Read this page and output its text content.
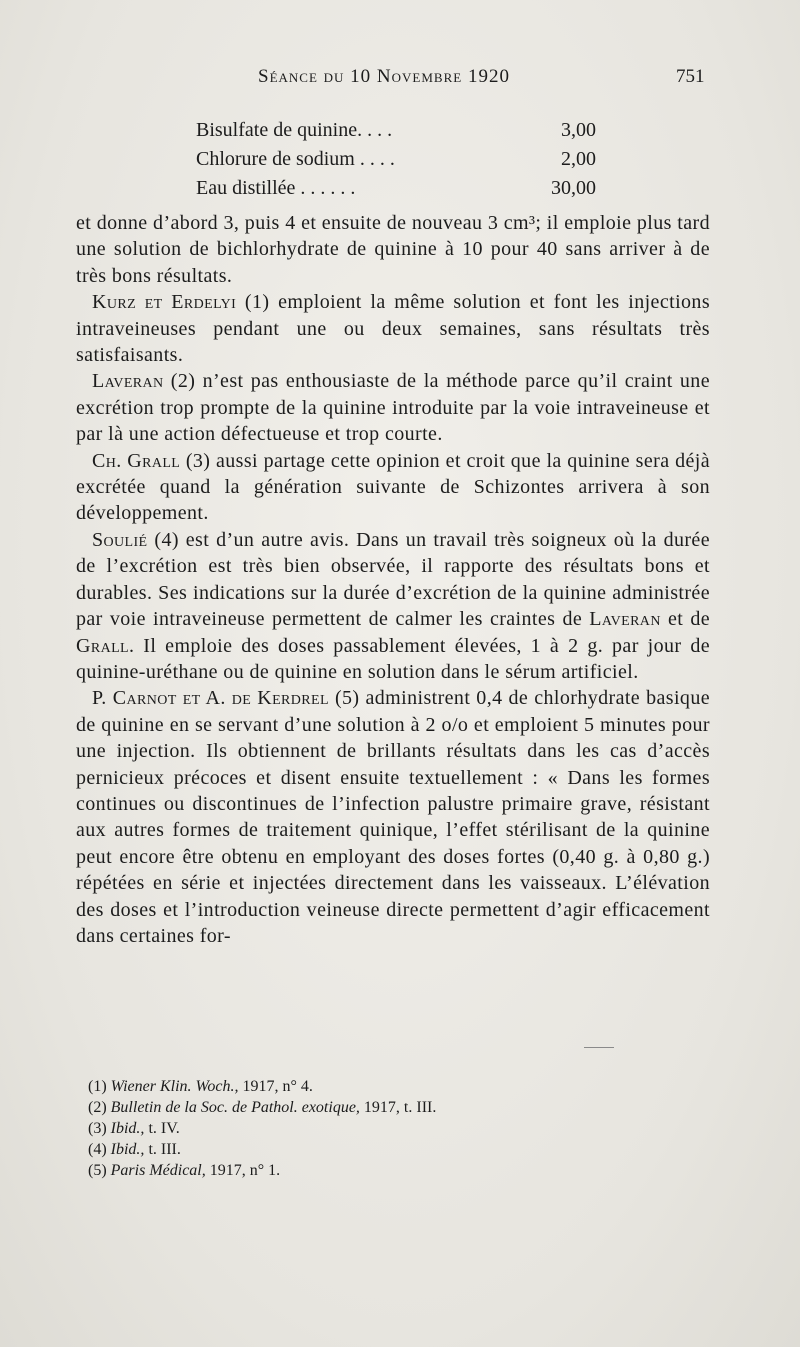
Séance du 10 Novembre 1920	751
Bisulfate de quinine. . . .	3,00
Chlorure de sodium . . . .	2,00
Eau distillée . . . . . .	30,00

et donne d’abord 3, puis 4 et ensuite de nouveau 3 cm³; il emploie plus tard une solution de bichlorhydrate de quinine à 10 pour 40 sans arriver à de très bons résultats.

Kurz et Erdelyi (1) emploient la même solution et font les injections intraveineuses pendant une ou deux semaines, sans résultats très satisfaisants.

Laveran (2) n’est pas enthousiaste de la méthode parce qu’il craint une excrétion trop prompte de la quinine introduite par la voie intraveineuse et par là une action défectueuse et trop courte.

Ch. Grall (3) aussi partage cette opinion et croit que la quinine sera déjà excrétée quand la génération suivante de Schizontes arrivera à son développement.

Soulié (4) est d’un autre avis. Dans un travail très soigneux où la durée de l’excrétion est très bien observée, il rapporte des résultats bons et durables. Ses indications sur la durée d’excrétion de la quinine administrée par voie intraveineuse permettent de calmer les craintes de Laveran et de Grall. Il emploie des doses passablement élevées, 1 à 2 g. par jour de quinine-uréthane ou de quinine en solution dans le sérum artificiel.

P. Carnot et A. de Kerdrel (5) administrent 0,4 de chlorhydrate basique de quinine en se servant d’une solution à 2 o/o et emploient 5 minutes pour une injection. Ils obtiennent de brillants résultats dans les cas d’accès pernicieux précoces et disent ensuite textuellement : « Dans les formes continues ou discontinues de l’infection palustre primaire grave, résistant aux autres formes de traitement quinique, l’effet stérilisant de la quinine peut encore être obtenu en employant des doses fortes (0,40 g. à 0,80 g.) répétées en série et injectées directement dans les vaisseaux. L’élévation des doses et l’introduction veineuse directe permettent d’agir efficacement dans certaines for-

(1) Wiener Klin. Woch., 1917, n° 4.
(2) Bulletin de la Soc. de Pathol. exotique, 1917, t. III.
(3) Ibid., t. IV.
(4) Ibid., t. III.
(5) Paris Médical, 1917, n° 1.
